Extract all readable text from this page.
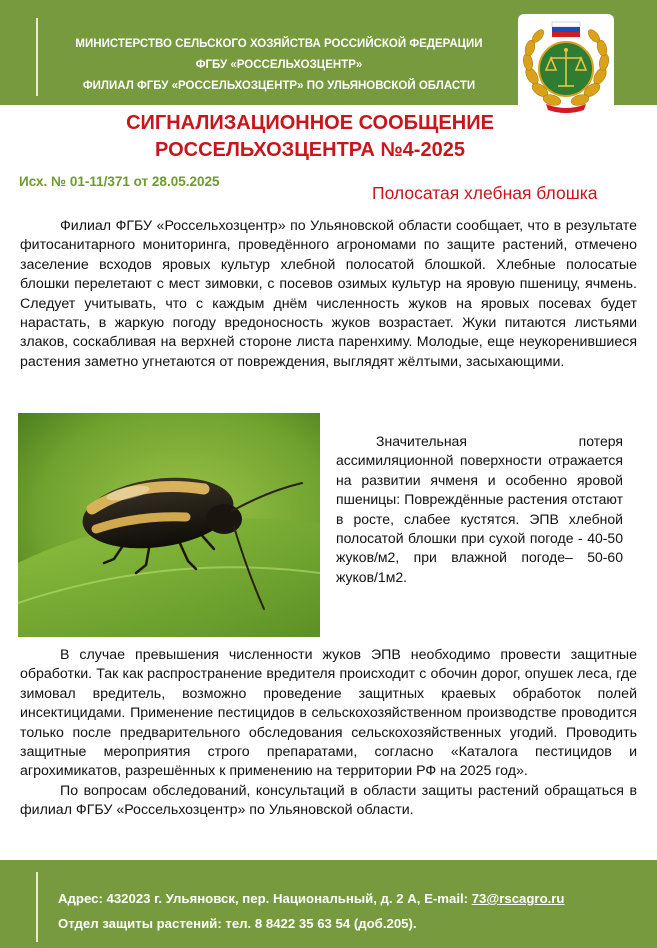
МИНИСТЕРСТВО СЕЛЬСКОГО ХОЗЯЙСТВА РОССИЙСКОЙ ФЕДЕРАЦИИ
ФГБУ «РОССЕЛЬХОЗЦЕНТР»
ФИЛИАЛ ФГБУ «РОССЕЛЬХОЗЦЕНТР» ПО УЛЬЯНОВСКОЙ ОБЛАСТИ
СИГНАЛИЗАЦИОННОЕ СООБЩЕНИЕ
РОССЕЛЬХОЗЦЕНТРА №4-2025
Исх. № 01-11/371 от 28.05.2025
Полосатая хлебная блошка
Филиал ФГБУ «Россельхозцентр» по Ульяновской области сообщает, что в результате фитосанитарного мониторинга, проведённого агрономами по защите растений, отмечено заселение всходов яровых культур хлебной полосатой блошкой. Хлебные полосатые блошки перелетают с мест зимовки, с посевов озимых культур на яровую пшеницу, ячмень. Следует учитывать, что с каждым днём численность жуков на яровых посевах будет нарастать, в жаркую погоду вредоносность жуков возрастает. Жуки питаются листьями злаков, соскабливая на верхней стороне листа паренхиму. Молодые, еще неукоренившиеся растения заметно угнетаются от повреждения, выглядят жёлтыми, засыхающими.
Значительная потеря ассимиляционной поверхности отражается на развитии ячменя и особенно яровой пшеницы: Повреждённые растения отстают в росте, слабее кустятся. ЭПВ хлебной полосатой блошки при сухой погоде - 40-50 жуков/м2, при влажной погоде– 50-60 жуков/1м2.
В случае превышения численности жуков ЭПВ необходимо провести защитные обработки. Так как распространение вредителя происходит с обочин дорог, опушек леса, где зимовал вредитель, возможно проведение защитных краевых обработок полей инсектицидами. Применение пестицидов в сельскохозяйственном производстве проводится только после предварительного обследования сельскохозяйственных угодий. Проводить защитные мероприятия строго препаратами, согласно «Каталога пестицидов и агрохимикатов, разрешённых к применению на территории РФ на 2025 год».
По вопросам обследований, консультаций в области защиты растений обращаться в филиал ФГБУ «Россельхозцентр» по Ульяновской области.
Адрес: 432023 г. Ульяновск, пер. Национальный, д. 2 А, E-mail: 73@rscagro.ru
Отдел защиты растений: тел. 8 8422 35 63 54 (доб.205).
